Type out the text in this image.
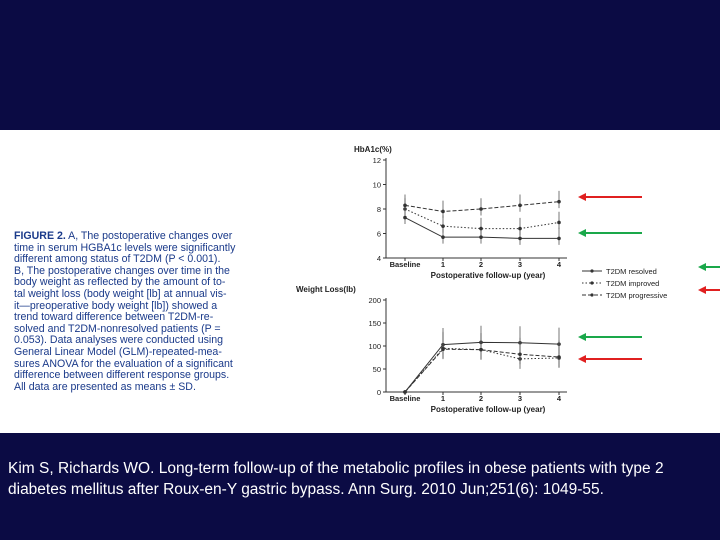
FIGURE 2. A, The postoperative changes over
time in serum HGBA1c levels were significantly
different among status of T2DM (P < 0.001).
B, The postoperative changes over time in the
body weight as reflected by the amount of to-
tal weight loss (body weight [lb] at annual vis-
it—preoperative body weight [lb]) showed a
trend toward difference between T2DM-re-
solved and T2DM-nonresolved patients (P =
0.053). Data analyses were conducted using
General Linear Model (GLM)-repeated-mea-
sures ANOVA for the evaluation of a significant
difference between different response groups.
All data are presented as means ± SD.
HbA1c(%)
4
6
8
10
12
Baseline	1	2	3	4
Postoperative follow-up (year)
Weight Loss(lb)
0
50
100
150
200
Baseline	1	2	3	4
Postoperative follow-up (year)
T2DM resolved
T2DM improved
T2DM progressive
Kim S, Richards WO. Long-term follow-up of the metabolic profiles in obese patients with type 2 diabetes mellitus after Roux-en-Y gastric bypass. Ann Surg. 2010 Jun;251(6): 1049-55.
